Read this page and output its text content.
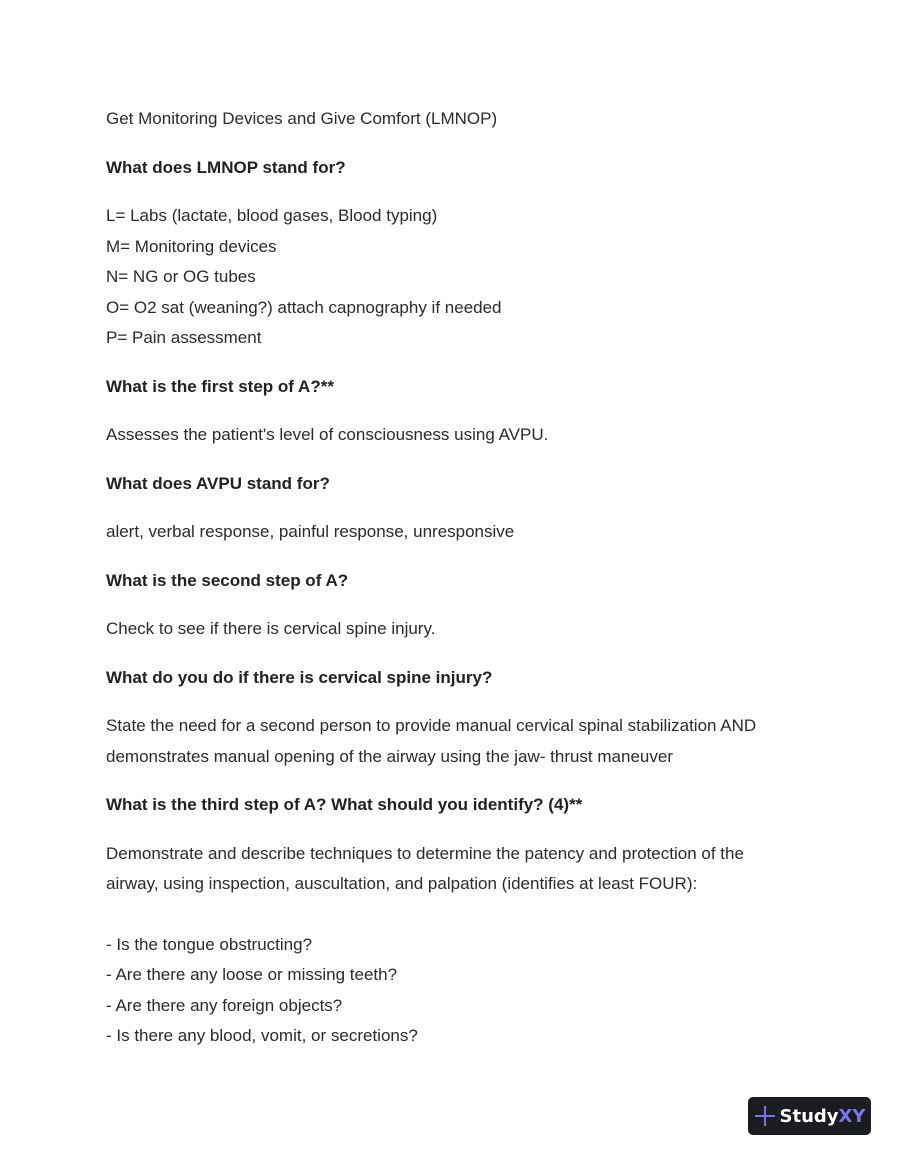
Get Monitoring Devices and Give Comfort (LMNOP)

What does LMNOP stand for?

L= Labs (lactate, blood gases, Blood typing)

M= Monitoring devices

N= NG or OG tubes

O= O2 sat (weaning?) attach capnography if needed

P= Pain assessment

What is the first step of A?**

Assesses the patient's level of consciousness using AVPU.

What does AVPU stand for?

alert, verbal response, painful response, unresponsive

What is the second step of A?

Check to see if there is cervical spine injury.

What do you do if there is cervical spine injury?

State the need for a second person to provide manual cervical spinal stabilization AND

demonstrates manual opening of the airway using the jaw- thrust maneuver

What is the third step of A? What should you identify? (4)**

Demonstrate and describe techniques to determine the patency and protection of the

airway, using inspection, auscultation, and palpation (identifies at least FOUR):

- Is the tongue obstructing?

- Are there any loose or missing teeth?

- Are there any foreign objects?

- Is there any blood, vomit, or secretions?

StudyXY
